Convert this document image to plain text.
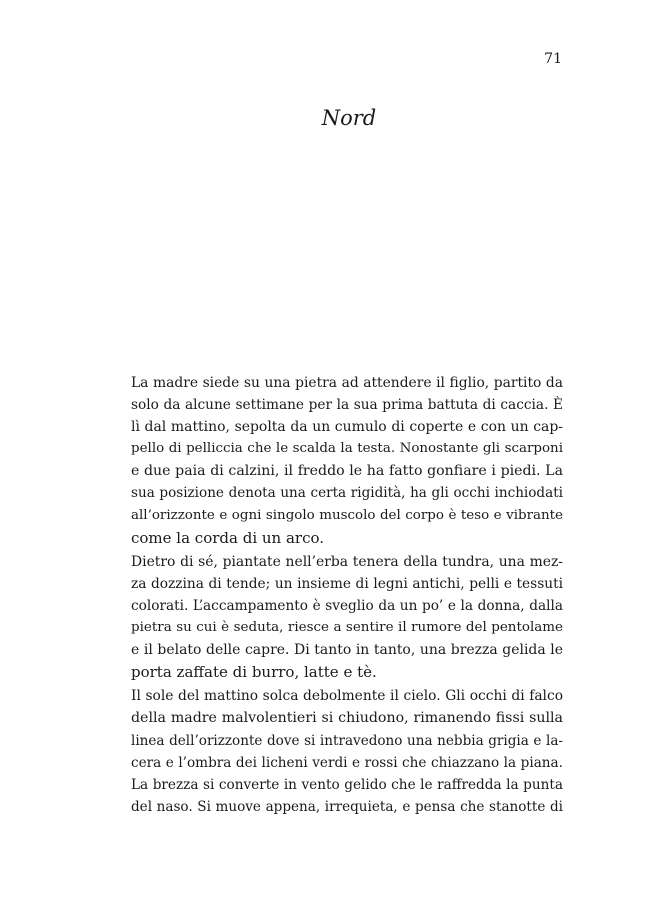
71
Nord
La madre siede su una pietra ad attendere il figlio, partito da
solo da alcune settimane per la sua prima battuta di caccia. È
lì dal mattino, sepolta da un cumulo di coperte e con un cap-
pello di pelliccia che le scalda la testa. Nonostante gli scarponi
e due paia di calzini, il freddo le ha fatto gonfiare i piedi. La
sua posizione denota una certa rigidità, ha gli occhi inchiodati
all’orizzonte e ogni singolo muscolo del corpo è teso e vibrante
come la corda di un arco.
Dietro di sé, piantate nell’erba tenera della tundra, una mez-
za dozzina di tende; un insieme di legni antichi, pelli e tessuti
colorati. L’accampamento è sveglio da un po’ e la donna, dalla
pietra su cui è seduta, riesce a sentire il rumore del pentolame
e il belato delle capre. Di tanto in tanto, una brezza gelida le
porta zaffate di burro, latte e tè.
Il sole del mattino solca debolmente il cielo. Gli occhi di falco
della madre malvolentieri si chiudono, rimanendo fissi sulla
linea dell’orizzonte dove si intravedono una nebbia grigia e la-
cera e l’ombra dei licheni verdi e rossi che chiazzano la piana.
La brezza si converte in vento gelido che le raffredda la punta
del naso. Si muove appena, irrequieta, e pensa che stanotte di
